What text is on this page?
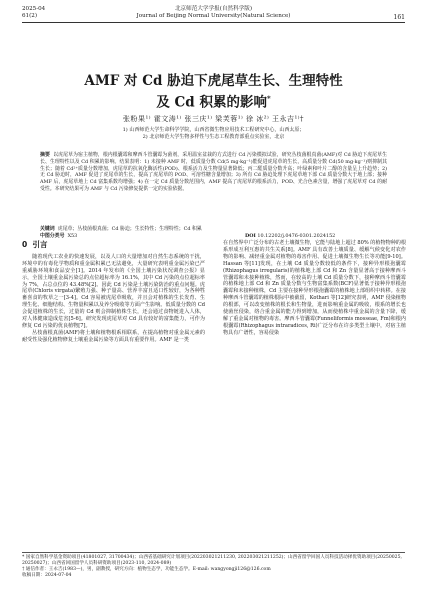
2025-04
61(2)
北京师范大学学报(自然科学版)
Journal of Beijing Normal University(Natural Science)	161
AMF 对 Cd 胁迫下虎尾草生长、生理特性
及 Cd 积累的影响*
张粉果¹⁾ 霍文涛¹⁾ 张三庆¹⁾ 梁芙蓉¹⁾ 徐 冰²⁾ 王永吉¹⁾†
1) 山西师范大学生命科学学院，山西省微生物应用技术工程研究中心，山西太原；
2) 北京师范大学生物多样性与生态工程教育部重点实验室，北京
摘要 以虎尾草为宿主植物，根内根囊霉和摩西斗管囊霉为菌剂，采用温室盆栽的方式进行 Cd 污染模拟试验，研究丛枝菌根真菌(AMF)对 Cd 胁迫下虎尾草生长、生理特性以及 Cd 积累的影响。结果表明：1) 未接种 AMF 时，低质量分数 Cd(5 mg·kg⁻¹)能促进虎尾草的生长，高质量分数 Cd(50 mg·kg⁻¹)则抑制其生长；随着 Cd²⁺质量分数增加，虎尾草的抗氧化酶活性(POD)、根系活力及生物量显著降低；丙二醛质量分数升高；叶绿素和叶片二醇的含量呈上升趋势；2) 无 Cd 胁迫时，AMF 促进了虎尾草的生长，提高了虎尾草的 POD、可溶性糖含量增加；3) 所有 Cd 胁迫处理下虎尾草地下部 Cd 质量分数大于地上部；接种 AMF 后，虎尾草地上 Cd 富集系数均增强；4) 在一定 Cd 质量分数范围内，AMF 提高了虎尾草的根系活力，POD、光合色素含量，增强了虎尾草对 Cd 的耐受性。本研究结果可为 AMF 与 Cd 污染修复提供一定的实验依据。
关键词 虎尾草；丛枝菌根真菌；Cd 胁迫；生长特性；生理特性；Cd 积累
中图分类号 X53	DOI 10.12202/j.0476-0301.2024152
0 引言

随着现代工农业的快速发展，以及人口的大量增加对自然生态系统的干扰，环境中的有毒化学物质和重金属积累已无法避免，大量研究表明重金属污染已严重威胁环境和食品安全[1]。2014 年发布的《全国土壤污染状况调查公报》显示，全国土壤重金属污染总的点位超标率为 16.1%，其中 Cd 污染的点位超标率为 7%，占总点位的 43.48%[2]。因此 Cd 污染是土壤污染防治的重点问题。虎尾草(Chloris virgata)繁殖力强、种子量高、营养丰富且适口性较好，为各种牲畜喜食的牧草之一[3-4]。Cd 容易被虎尾草吸收，并且会对植株的生长发育、生理生化、细胞结构、生物量积累以及养分吸收等方面产生影响。低质量分数的 Cd 会促进植株的生长，过量的 Cd 则会抑制植株生长，还会通过食物链进入人体，对人体健康造成危害[5-6]。研究发现虎尾草对 Cd 具有较好的富集能力，可作为修复 Cd 污染的优良植物[7]。

丛枝菌根真菌(AMF)将土壤和植物根系相联系，在提高植物对重金属元素的耐受性及强化植物修复土壤重金属污染等方面具有重要作用。AMF 是一类

在自然界中广泛分布的古老土壤微生物，它能与陆地上超过 80% 的植物物种的根系形成互利互惠的共生关系[8]。AMF 具有改善土壤质量、缓解气候变化对农作物的影响、减轻重金属对植物的毒害作用、促进土壤微生物生长等功能[9-10]。Hassan 等[11]发现，在土壤 Cd 质量分数较低的条件下，接种异形根孢囊霉(Rhizophagus irregularis)的植株地上部 Cd 和 Zn 含量显著高于接种摩西斗管囊霉和未接种植株，然而，在较高的土壤 Cd 质量分数下，接种摩西斗管囊霉的植株地上部 Cd 和 Zn 质量分数与生物富集系数(BCF)显著低于接种异形根孢囊霉和未接种植株，Cd 主要在接种异形根孢囊霉的植株地上部组织中转移。在接种摩西斗管囊霉的植株根际中被截留，Kothari 等[12]研究表明，AMF 侵染植物的根部，可以改变植株的根长和生物量，进而影响重金属的吸收，根系的增长也使菌丝侵染，络合重金属的能力得到增加，从而使植株中重金属的含量下降，缓解了重金属对植物的毒害。摩西斗管囊霉(Funneliformis mosseae, Fm)和根内根囊霉(Rhizophagus intraradices, Ri)广泛分布在许多类型土壤中，对宿主植物具有广谱性，容易侵染

* 国家自然科学基金资助项目(41801027, 31700434)；山西省基础研究计划项目(202203021211230, 202203021211252)；山西省留学回国人员科技活动择优资助项目(20250025, 20250027)；山西省回国留学人员科研资助项目(2023-110, 2024-089)
† 通信作者：王永吉(1983—)，男，副教授，研究方向：植物生态学，功能生态学。E-mail: wangyongji126@126.com
收稿日期：2024-07-04
